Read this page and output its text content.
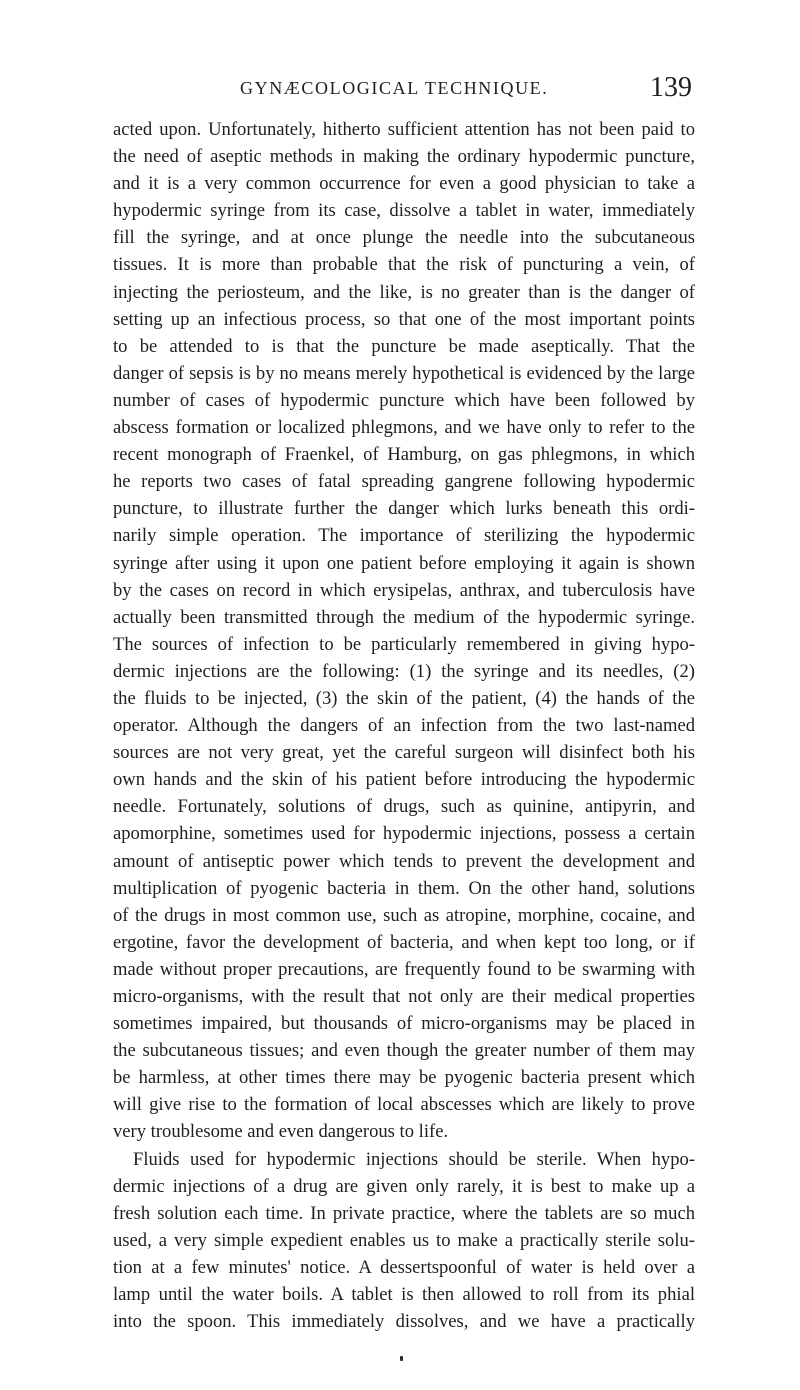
GYNÆCOLOGICAL TECHNIQUE.	139
acted upon. Unfortunately, hitherto sufficient attention has not been paid to
the need of aseptic methods in making the ordinary hypodermic puncture,
and it is a very common occurrence for even a good physician to take a
hypodermic syringe from its case, dissolve a tablet in water, immediately
fill the syringe, and at once plunge the needle into the subcutaneous
tissues. It is more than probable that the risk of puncturing a vein, of
injecting the periosteum, and the like, is no greater than is the danger of
setting up an infectious process, so that one of the most important points
to be attended to is that the puncture be made aseptically. That the
danger of sepsis is by no means merely hypothetical is evidenced by the large
number of cases of hypodermic puncture which have been followed by
abscess formation or localized phlegmons, and we have only to refer to the
recent monograph of Fraenkel, of Hamburg, on gas phlegmons, in which
he reports two cases of fatal spreading gangrene following hypodermic
puncture, to illustrate further the danger which lurks beneath this ordi-
narily simple operation. The importance of sterilizing the hypodermic
syringe after using it upon one patient before employing it again is shown
by the cases on record in which erysipelas, anthrax, and tuberculosis have
actually been transmitted through the medium of the hypodermic syringe.
The sources of infection to be particularly remembered in giving hypo-
dermic injections are the following: (1) the syringe and its needles, (2)
the fluids to be injected, (3) the skin of the patient, (4) the hands of the
operator. Although the dangers of an infection from the two last-named
sources are not very great, yet the careful surgeon will disinfect both his
own hands and the skin of his patient before introducing the hypodermic
needle. Fortunately, solutions of drugs, such as quinine, antipyrin, and
apomorphine, sometimes used for hypodermic injections, possess a certain
amount of antiseptic power which tends to prevent the development and
multiplication of pyogenic bacteria in them. On the other hand, solutions
of the drugs in most common use, such as atropine, morphine, cocaine, and
ergotine, favor the development of bacteria, and when kept too long, or if
made without proper precautions, are frequently found to be swarming with
micro-organisms, with the result that not only are their medical properties
sometimes impaired, but thousands of micro-organisms may be placed in
the subcutaneous tissues; and even though the greater number of them may
be harmless, at other times there may be pyogenic bacteria present which
will give rise to the formation of local abscesses which are likely to prove
very troublesome and even dangerous to life.
Fluids used for hypodermic injections should be sterile. When hypo-
dermic injections of a drug are given only rarely, it is best to make up a
fresh solution each time. In private practice, where the tablets are so much
used, a very simple expedient enables us to make a practically sterile solu-
tion at a few minutes' notice. A dessertspoonful of water is held over a
lamp until the water boils. A tablet is then allowed to roll from its phial
into the spoon. This immediately dissolves, and we have a practically
